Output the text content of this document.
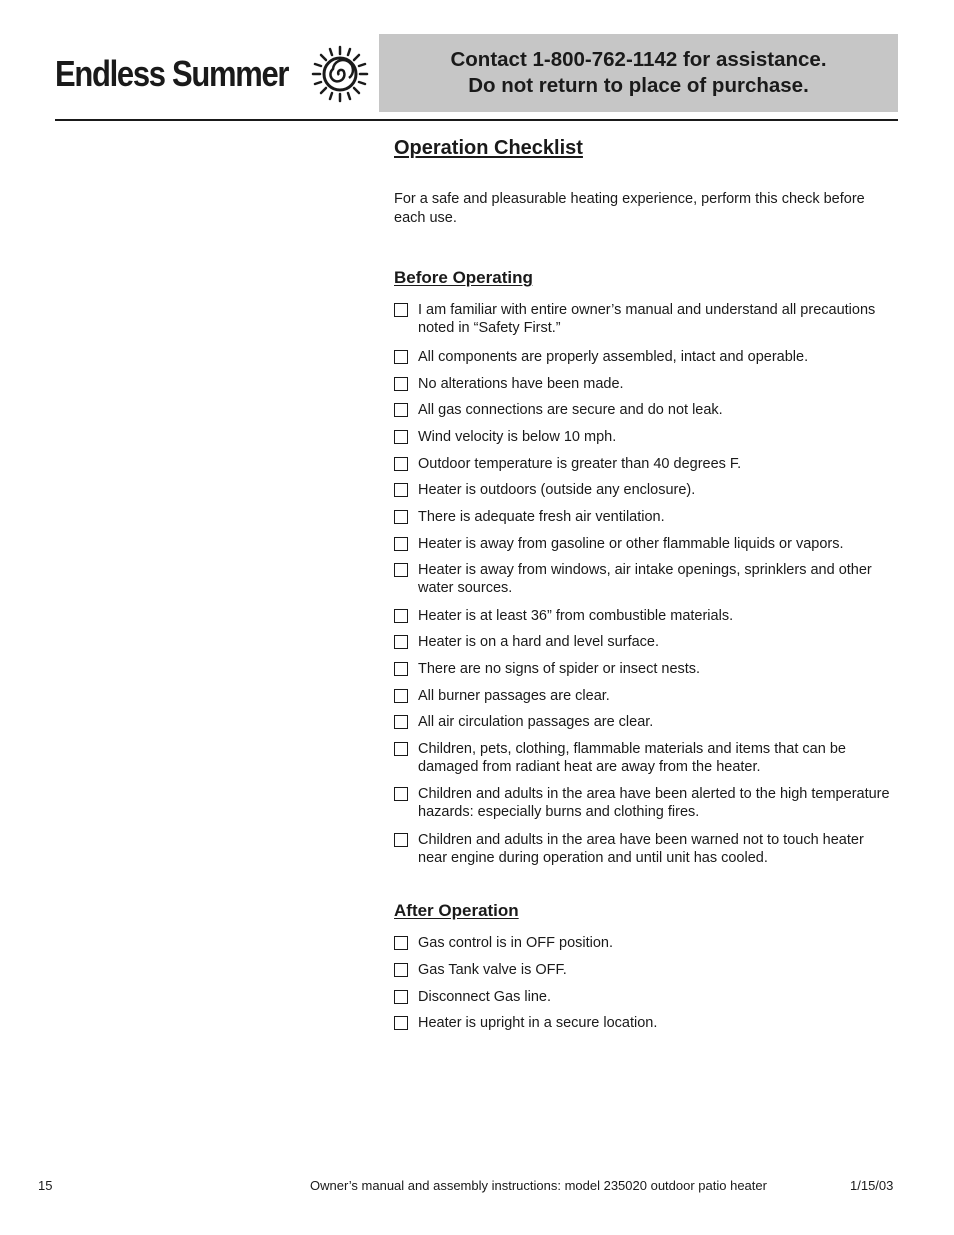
Endless Summer	Contact 1-800-762-1142 for assistance.
Do not return to place of purchase.
Operation Checklist
For a safe and pleasurable heating experience, perform this check before each use.
Before Operating
I am familiar with entire owner’s manual and understand all precautions noted in “Safety First.”
All components are properly assembled, intact and operable.
No alterations have been made.
All gas connections are secure and do not leak.
Wind velocity is below 10 mph.
Outdoor temperature is greater than 40 degrees F.
Heater is outdoors (outside any enclosure).
There is adequate fresh air ventilation.
Heater is away from gasoline or other flammable liquids or vapors.
Heater is away from windows, air intake openings, sprinklers and other water sources.
Heater is at least 36” from combustible materials.
Heater is on a hard and level surface.
There are no signs of spider or insect nests.
All burner passages are clear.
All air circulation passages are clear.
Children, pets, clothing, flammable materials and items that can be damaged from radiant heat are away from the heater.
Children and adults in the area have been alerted to the high temperature hazards: especially burns and clothing fires.
Children and adults in the area have been warned not to touch heater near engine during operation and until unit has cooled.
After Operation
Gas control is in OFF position.
Gas Tank valve is OFF.
Disconnect Gas line.
Heater is upright in a secure location.
15	Owner’s manual and assembly instructions: model 235020 outdoor patio heater	1/15/03
